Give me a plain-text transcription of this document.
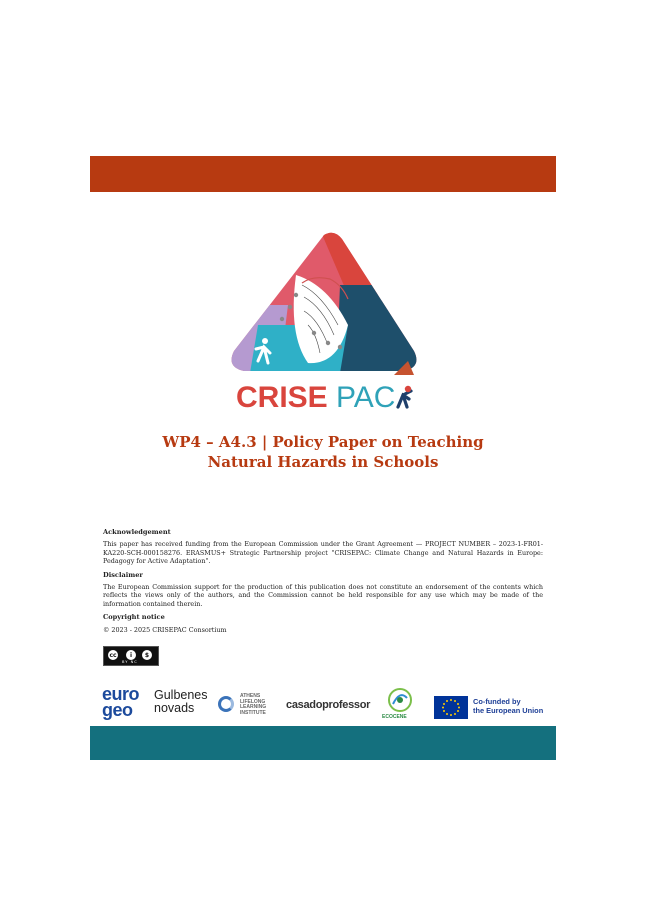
CRISE PAC
WP4 – A4.3 | Policy Paper on Teaching
Natural Hazards in Schools
Acknowledgement

This paper has received funding from the European Commission under the Grant Agreement — PROJECT NUMBER – 2023-1-FR01-KA220-SCH-000158276. ERASMUS+ Strategic Partnership project "CRISEPAC: Climate Change and Natural Hazards in Europe: Pedagogy for Active Adaptation".

Disclaimer

The European Commission support for the production of this publication does not constitute an endorsement of the contents which reflects the views only of the authors, and the Commission cannot be held responsible for any use which may be made of the information contained therein.

Copyright notice

© 2023 - 2025 CRISEPAC Consortium

cc	i	$
BY NC
euro
geo
Gulbenes
novads
ATHENS
LIFELONG
LEARNING
INSTITUTE
casadoprofessor
ECOCENE
Co-funded by
the European Union
